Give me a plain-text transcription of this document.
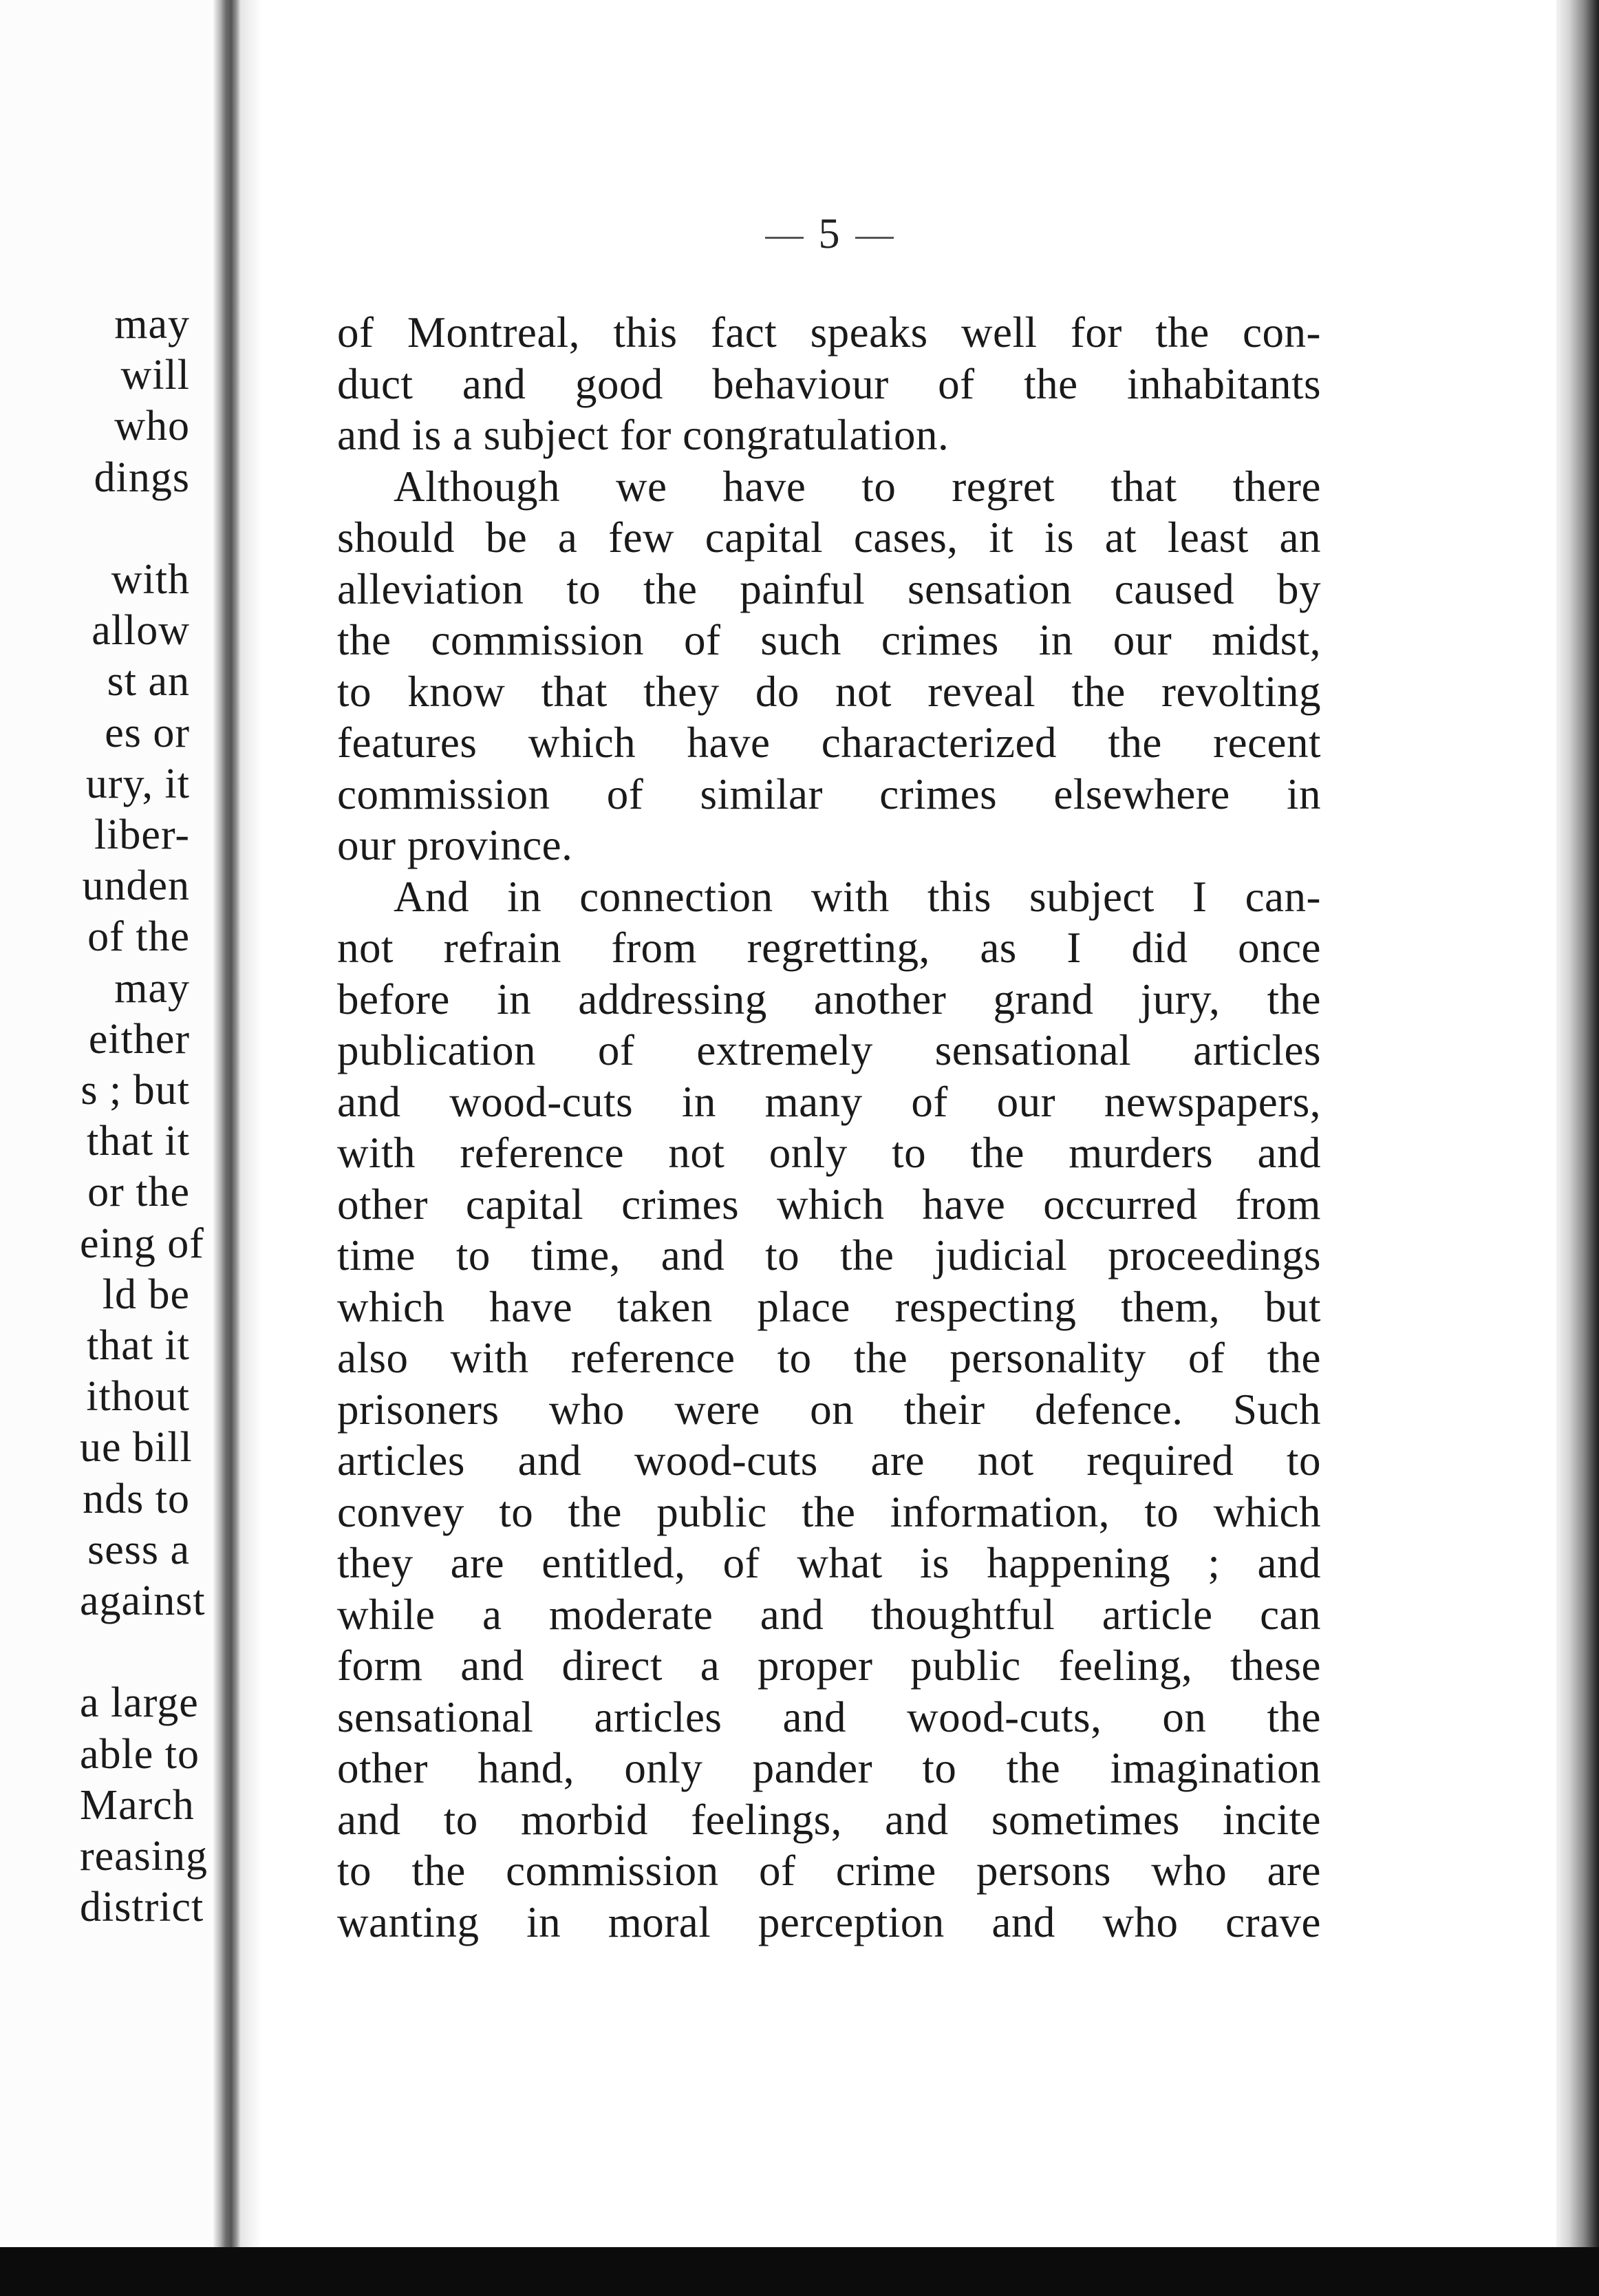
may
will
who
dings
with
allow
st an
es or
ury, it
liber-
unden
of the
may
either
s ; but
that it
or the
eing of
ld be
that it
ithout
ue bill
nds to
sess a
against
a large
able to
March
reasing
district
5
of Montreal, this fact speaks well for the con-
duct and good behaviour of the inhabitants
and is a subject for congratulation.
Although we have to regret that there
should be a few capital cases, it is at least an
alleviation to the painful sensation caused by
the commission of such crimes in our midst,
to know that they do not reveal the revolting
features which have characterized the recent
commission of similar crimes elsewhere in
our province.
And in connection with this subject I can-
not refrain from regretting, as I did once
before in addressing another grand jury, the
publication of extremely sensational articles
and wood-cuts in many of our newspapers,
with reference not only to the murders and
other capital crimes which have occurred from
time to time, and to the judicial proceedings
which have taken place respecting them, but
also with reference to the personality of the
prisoners who were on their defence. Such
articles and wood-cuts are not required to
convey to the public the information, to which
they are entitled, of what is happening ; and
while a moderate and thoughtful article can
form and direct a proper public feeling, these
sensational articles and wood-cuts, on the
other hand, only pander to the imagination
and to morbid feelings, and sometimes incite
to the commission of crime persons who are
wanting in moral perception and who crave
